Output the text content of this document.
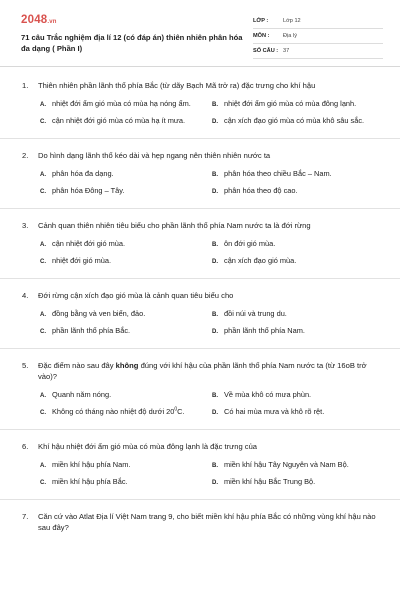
2048.vn
71 câu Trắc nghiệm địa lí 12 (có đáp án) thiên nhiên phân hóa đa dạng ( Phần I)
LỚP :	Lớp 12
MÔN : Địa lý
SỐ CÂU : 37
1. Thiên nhiên phần lãnh thổ phía Bắc (từ dãy Bạch Mã trở ra) đặc trưng cho khí hậu
A. nhiệt đới ẩm gió mùa có mùa hạ nóng ẩm.	B. nhiệt đới ẩm gió mùa có mùa đông lạnh.
C. cận nhiệt đới gió mùa có mùa hạ ít mưa.	D. cận xích đạo gió mùa có mùa khô sâu sắc.
2. Do hình dạng lãnh thổ kéo dài và hẹp ngang nên thiên nhiên nước ta
A. phân hóa đa dạng.	B. phân hóa theo chiều Bắc – Nam.
C. phân hóa Đông – Tây.	D. phân hóa theo độ cao.
3. Cảnh quan thiên nhiên tiêu biểu cho phần lãnh thổ phía Nam nước ta là đới rừng
A. cận nhiệt đới gió mùa.	B. ôn đới gió mùa.
C. nhiệt đới gió mùa.	D. cận xích đạo gió mùa.
4. Đới rừng cận xích đạo gió mùa là cảnh quan tiêu biểu cho
A. đồng bằng và ven biển, đảo.	B. đồi núi và trung du.
C. phần lãnh thổ phía Bắc.	D. phần lãnh thổ phía Nam.
5. Đặc điểm nào sau đây không đúng với khí hậu của phần lãnh thổ phía Nam nước ta (từ 16oB trở vào)?
A. Quanh năm nóng.	B. Về mùa khô có mưa phùn.
C. Không có tháng nào nhiệt độ dưới $20^0C$.	D. Có hai mùa mưa và khô rõ rệt.
6. Khí hậu nhiệt đới ẩm gió mùa có mùa đông lạnh là đặc trưng của
A. miền khí hậu phía Nam.	B. miền khí hậu Tây Nguyên và Nam Bộ.
C. miền khí hậu phía Bắc.	D. miền khí hậu Bắc Trung Bộ.
7. Căn cứ vào Atlat Địa lí Việt Nam trang 9, cho biết miền khí hậu phía Bắc có những vùng khí hậu nào sau đây?
